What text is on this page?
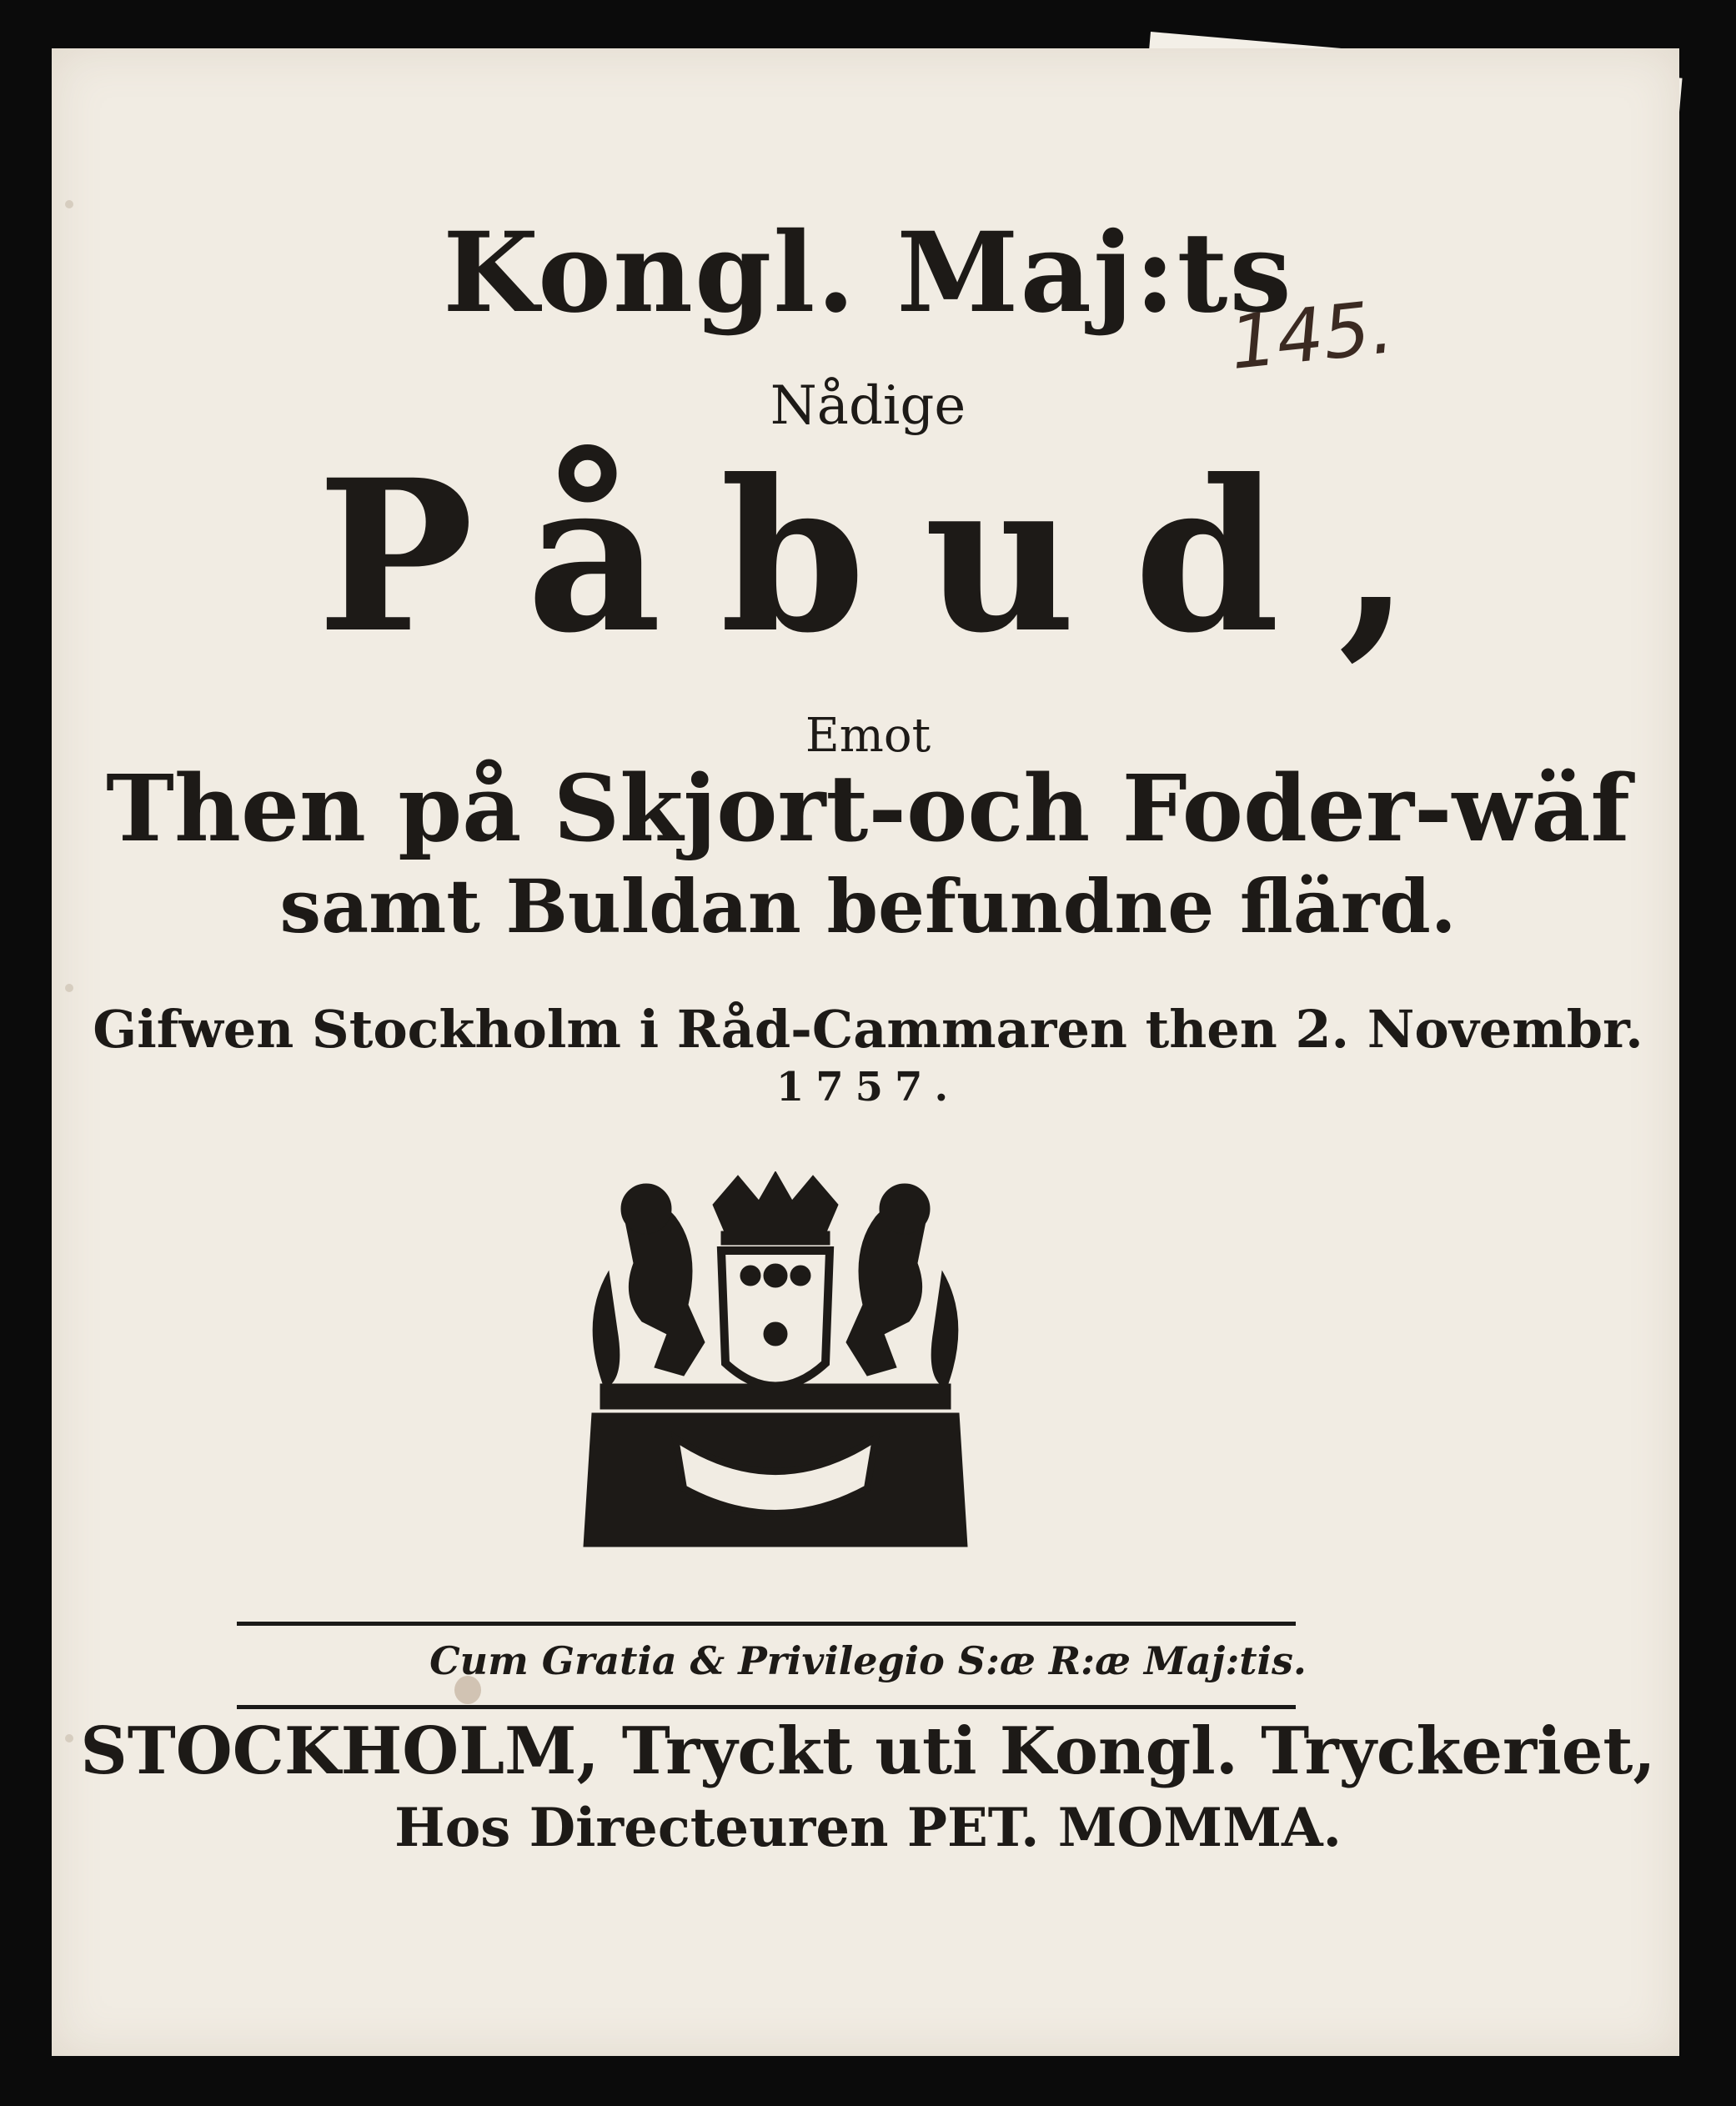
Kongl. Maj:ts
145.
Nådige
Påbud,
Emot
Then på Skjort-och Foder-wäf
samt Buldan befundne flärd.
Gifwen Stockholm i Råd-Cammaren then 2. Novembr.
1757.
Cum Gratia & Privilegio S:æ R:æ Maj:tis.
STOCKHOLM, Tryckt uti Kongl. Tryckeriet,
Hos Directeuren PET. MOMMA.
